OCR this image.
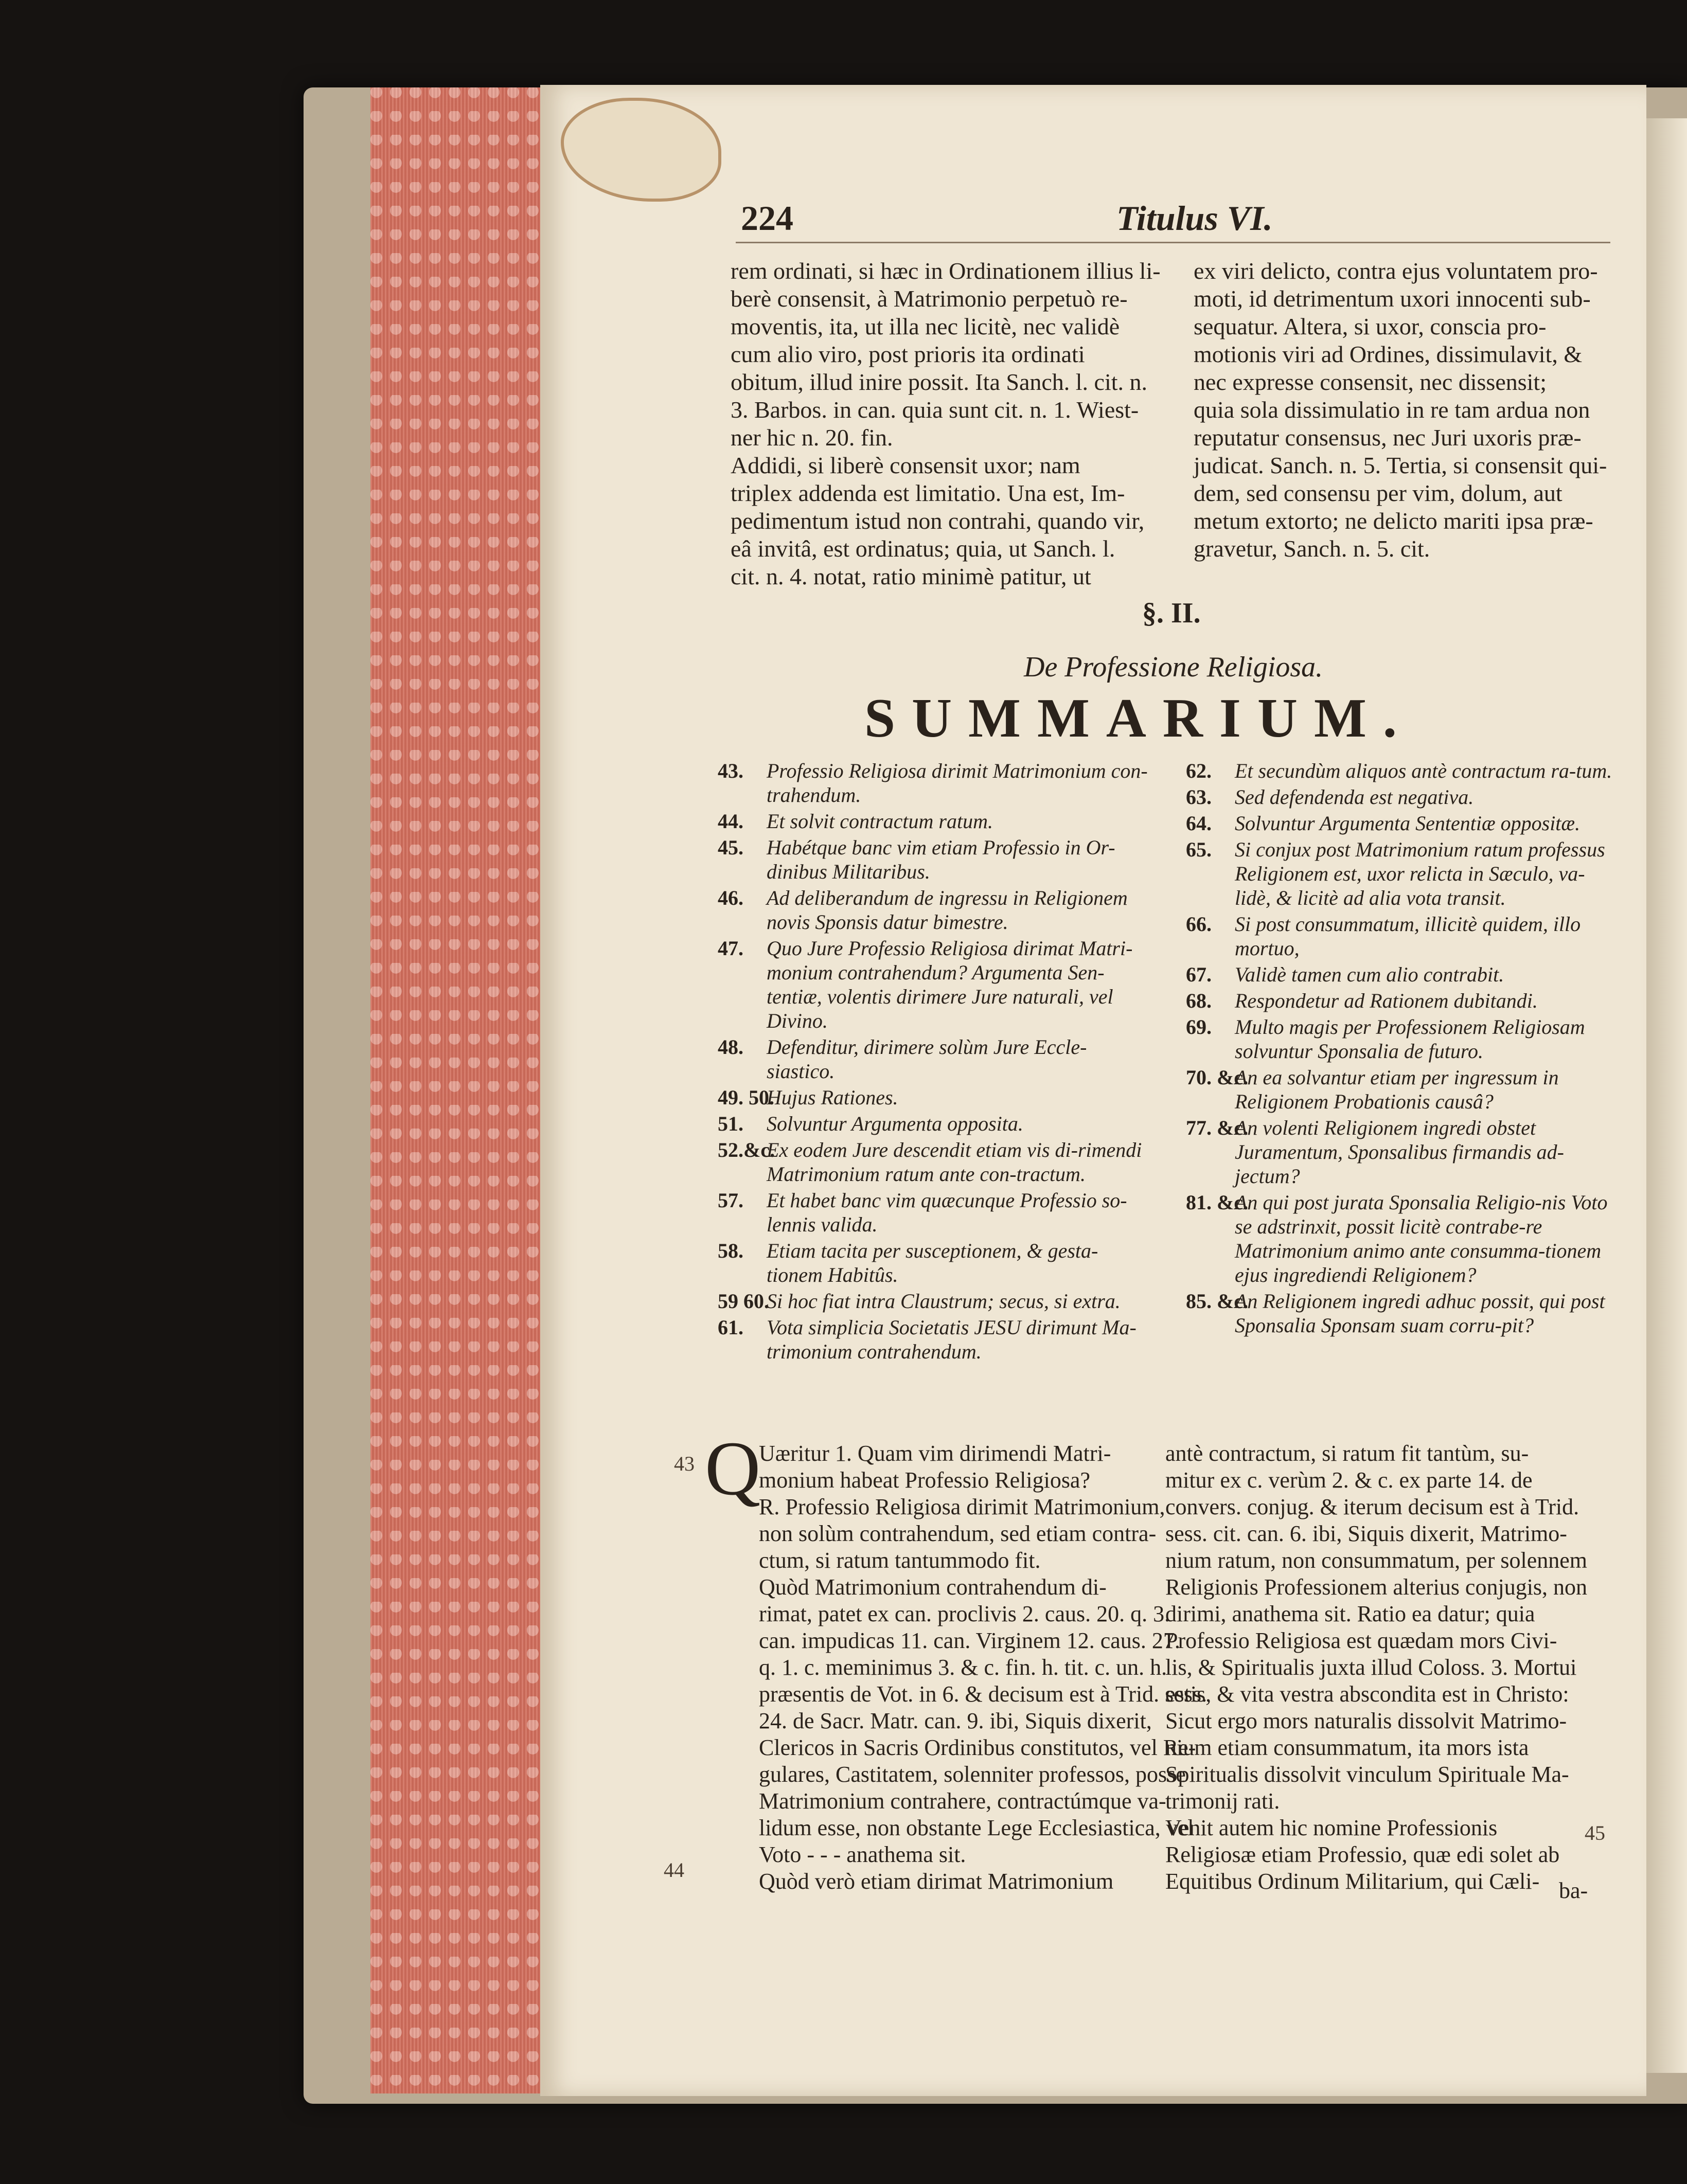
224	Titulus VI.
rem ordinati, si hæc in Ordinationem illius li-
berè consensit, à Matrimonio perpetuò re-
moventis, ita, ut illa nec licitè, nec validè
cum alio viro, post prioris ita ordinati
obitum, illud inire possit. Ita Sanch. l. cit. n.
3. Barbos. in can. quia sunt cit. n. 1. Wiest-
ner hic n. 20. fin.
Addidi, si liberè consensit uxor; nam
triplex addenda est limitatio. Una est, Im-
pedimentum istud non contrahi, quando vir,
eâ invitâ, est ordinatus; quia, ut Sanch. l.
cit. n. 4. notat, ratio minimè patitur, ut
ex viri delicto, contra ejus voluntatem pro-
moti, id detrimentum uxori innocenti sub-
sequatur. Altera, si uxor, conscia pro-
motionis viri ad Ordines, dissimulavit, &
nec expresse consensit, nec dissensit;
quia sola dissimulatio in re tam ardua non
reputatur consensus, nec Juri uxoris præ-
judicat. Sanch. n. 5. Tertia, si consensit qui-
dem, sed consensu per vim, dolum, aut
metum extorto; ne delicto mariti ipsa præ-
gravetur, Sanch. n. 5. cit.
§. II.
De Professione Religiosa.
SUMMARIUM.
43. Professio Religiosa dirimit Matrimonium con-trahendum.
44. Et solvit contractum ratum.
45. Habétque banc vim etiam Professio in Or-dinibus Militaribus.
46. Ad deliberandum de ingressu in Religionem novis Sponsis datur bimestre.
47. Quo Jure Professio Religiosa dirimat Matri-monium contrahendum? Argumenta Sen-tentiæ, volentis dirimere Jure naturali, vel Divino.
48. Defenditur, dirimere solùm Jure Eccle-siastico.
49. 50.
Hujus Rationes.
51. Solvuntur Argumenta opposita.
52.&c.
Ex eodem Jure descendit etiam vis di-rimendi Matrimonium ratum ante con-tractum.
57. Et habet banc vim quæcunque Professio so-lennis valida.
58. Etiam tacita per susceptionem, & gesta-tionem Habitûs.
59 60.
Si hoc fiat intra Claustrum; secus, si extra.
61. Vota simplicia Societatis JESU dirimunt Ma-trimonium contrahendum.
62. Et secundùm aliquos antè contractum ra-tum.
63. Sed defendenda est negativa.
64. Solvuntur Argumenta Sententiæ oppositæ.
65. Si conjux post Matrimonium ratum professus Religionem est, uxor relicta in Sæculo, va-lidè, & licitè ad alia vota transit.
66. Si post consummatum, illicitè quidem, illo mortuo,
67. Validè tamen cum alio contrabit.
68. Respondetur ad Rationem dubitandi.
69. Multo magis per Professionem Religiosam solvuntur Sponsalia de futuro.
70. &c.
An ea solvantur etiam per ingressum in Religionem Probationis causâ?
77. &c.
An volenti Religionem ingredi obstet Juramentum, Sponsalibus firmandis ad-jectum?
81. &c.
An qui post jurata Sponsalia Religio-nis Voto se adstrinxit, possit licitè contrabe-re Matrimonium animo ante consumma-tionem ejus ingrediendi Religionem?
85. &c.
An Religionem ingredi adhuc possit, qui post Sponsalia Sponsam suam corru-pit?
Q
Uæritur 1. Quam vim dirimendi Matri-
monium habeat Professio Religiosa?
R. Professio Religiosa dirimit Matrimonium,
non solùm contrahendum, sed etiam contra-
ctum, si ratum tantummodo fit.
Quòd Matrimonium contrahendum di-
rimat, patet ex can. proclivis 2. caus. 20. q. 3.
can. impudicas 11. can. Virginem 12. caus. 27.
q. 1. c. meminimus 3. & c. fin. h. tit. c. un. h.
præsentis de Vot. in 6. & decisum est à Trid. sess.
24. de Sacr. Matr. can. 9. ibi, Siquis dixerit,
Clericos in Sacris Ordinibus constitutos, vel Re-
gulares, Castitatem, solenniter professos, posse
Matrimonium contrahere, contractúmque va-
lidum esse, non obstante Lege Ecclesiastica, vel
Voto - - - anathema sit.
Quòd verò etiam dirimat Matrimonium
antè contractum, si ratum fit tantùm, su-
mitur ex c. verùm 2. & c. ex parte 14. de
convers. conjug. & iterum decisum est à Trid.
sess. cit. can. 6. ibi, Siquis dixerit, Matrimo-
nium ratum, non consummatum, per solennem
Religionis Professionem alterius conjugis, non
dirimi, anathema sit. Ratio ea datur; quia
Professio Religiosa est quædam mors Civi-
lis, & Spiritualis juxta illud Coloss. 3. Mortui
estis, & vita vestra abscondita est in Christo:
Sicut ergo mors naturalis dissolvit Matrimo-
nium etiam consummatum, ita mors ista
Spiritualis dissolvit vinculum Spirituale Ma-
trimonij rati.
Venit autem hic nomine Professionis
Religiosæ etiam Professio, quæ edi solet ab
Equitibus Ordinum Militarium, qui Cæli-
43
44
45
ba-
